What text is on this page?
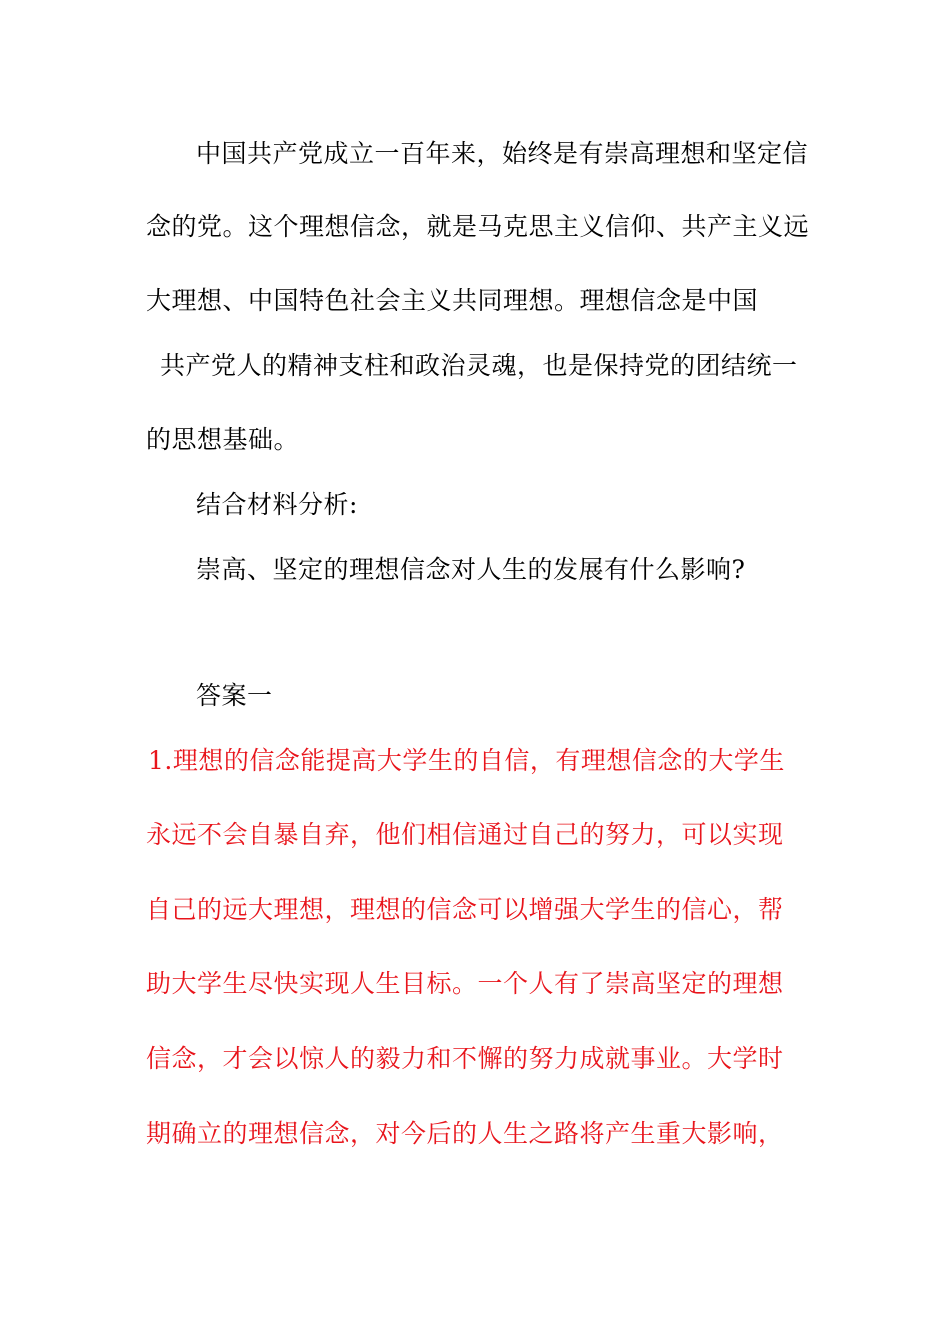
中国共产党成立一百年来，始终是有崇高理想和坚定信
念的党。这个理想信念，就是马克思主义信仰、共产主义远
大理想、中国特色社会主义共同理想。理想信念是中国
共产党人的精神支柱和政治灵魂，也是保持党的团结统一
的思想基础。
结合材料分析:
崇高、坚定的理想信念对人生的发展有什么影响?
答案一
1.理想的信念能提高大学生的自信，有理想信念的大学生
永远不会自暴自弃，他们相信通过自己的努力，可以实现
自己的远大理想，理想的信念可以增强大学生的信心，帮
助大学生尽快实现人生目标。一个人有了崇高坚定的理想
信念，才会以惊人的毅力和不懈的努力成就事业。大学时
期确立的理想信念，对今后的人生之路将产生重大影响，
